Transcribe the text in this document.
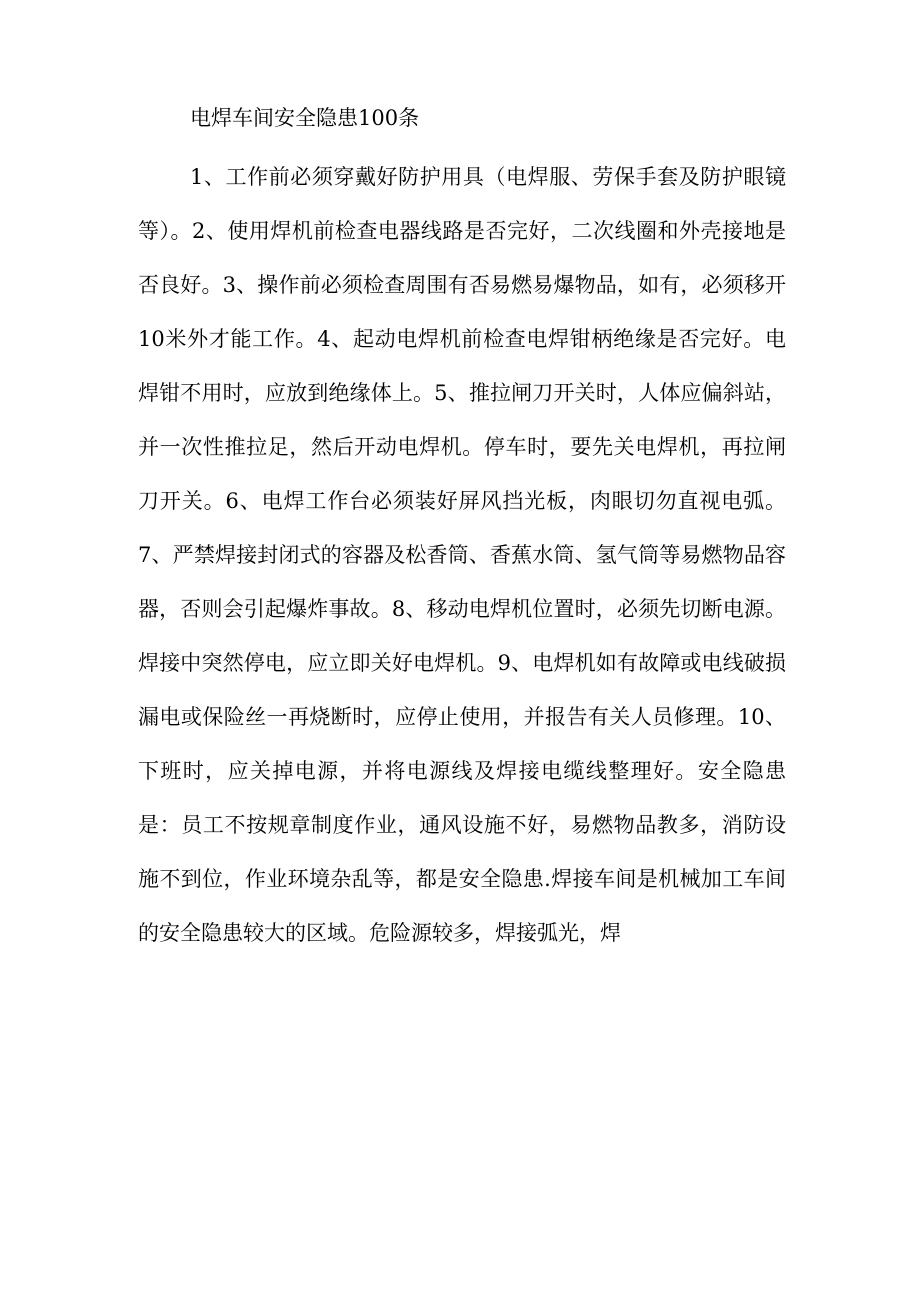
电焊车间安全隐患100条

1、工作前必须穿戴好防护用具（电焊服、劳保手套及防护眼镜等）。2、使用焊机前检查电器线路是否完好，二次线圈和外壳接地是否良好。3、操作前必须检查周围有否易燃易爆物品，如有，必须移开10米外才能工作。4、起动电焊机前检查电焊钳柄绝缘是否完好。电焊钳不用时，应放到绝缘体上。5、推拉闸刀开关时，人体应偏斜站，并一次性推拉足，然后开动电焊机。停车时，要先关电焊机，再拉闸刀开关。6、电焊工作台必须装好屏风挡光板，肉眼切勿直视电弧。7、严禁焊接封闭式的容器及松香筒、香蕉水筒、氢气筒等易燃物品容器，否则会引起爆炸事故。8、移动电焊机位置时，必须先切断电源。焊接中突然停电，应立即关好电焊机。9、电焊机如有故障或电线破损漏电或保险丝一再烧断时，应停止使用，并报告有关人员修理。10、下班时，应关掉电源，并将电源线及焊接电缆线整理好。安全隐患是：员工不按规章制度作业，通风设施不好，易燃物品教多，消防设施不到位，作业环境杂乱等，都是安全隐患.焊接车间是机械加工车间的安全隐患较大的区域。危险源较多，焊接弧光，焊
